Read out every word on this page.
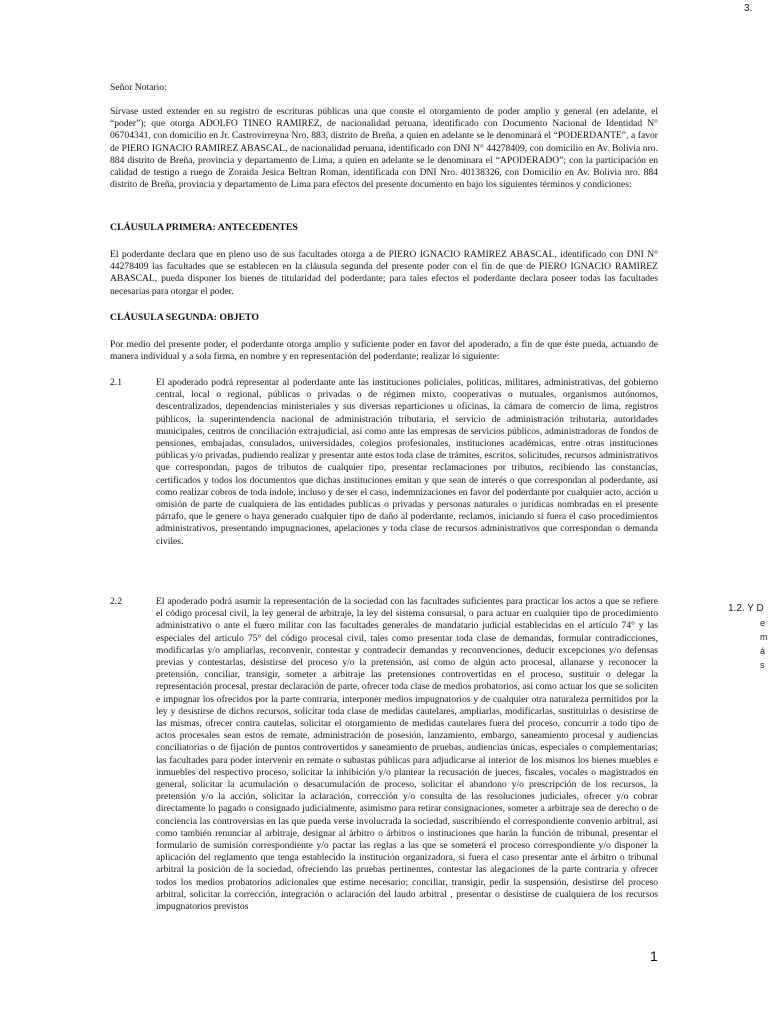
Señor Notario:
Sírvase usted extender en su registro de escrituras públicas una que conste el otorgamiento de poder amplio y general (en adelante, el “poder”); que otorga ADOLFO TINEO RAMIREZ, de nacionalidad peruana, identificado con Documento Nacional de Identidad N° 06704341, con domicilio en Jr. Castrovirreyna Nro. 883, distrito de Breña, a quien en adelante se le denominará el “PODERDANTE”, a favor de PIERO IGNACIO RAMIREZ ABASCAL, de nacionalidad peruana, identificado con DNI N° 44278409, con domicilio en Av. Bolivia nro. 884 distrito de Breña, provincia y departamento de Lima, a quien en adelante se le denominara el “APODERADO”; con la participación en calidad de testigo a ruego de Zoraida Jesica Beltran Roman, identificada con DNI Nro. 40138326, con Domicilio en Av. Bolivia nro. 884 distrito de Breña, provincia y departamento de Lima para efectos del presente documento en bajo los siguientes términos y condiciones:
CLÁUSULA PRIMERA: ANTECEDENTES
El poderdante declara que en pleno uso de sus facultades otorga a de PIERO IGNACIO RAMIREZ ABASCAL, identificado con DNI N° 44278409 las facultades que se establecen en la cláusula segunda del presente poder con el fin de que de PIERO IGNACIO RAMIREZ ABASCAL, pueda disponer los bienes de titularidad del poderdante; para tales efectos el poderdante declara poseer todas las facultades necesarias para otorgar el poder.
CLÁUSULA SEGUNDA: OBJETO
Por medio del presente poder, el poderdante otorga amplio y suficiente poder en favor del apoderado, a fin de que éste pueda, actuando de manera individual y a sola firma, en nombre y en representación del poderdante; realizar lo siguiente:
2.1	El apoderado podrá representar al poderdante ante las instituciones policiales, políticas, militares, administrativas, del gobierno central, local o regional, públicas o privadas o de régimen mixto, cooperativas o mutuales, organismos autónomos, descentralizados, dependencias ministeriales y sus diversas reparticiones u oficinas, la cámara de comercio de lima, registros públicos, la superintendencia nacional de administración tributaria, el servicio de administración tributaria, autoridades municipales, centros de conciliación extrajudicial, así como ante las empresas de servicios públicos, administradoras de fondos de pensiones, embajadas, consulados, universidades, colegios profesionales, instituciones académicas, entre otras instituciones públicas y/o privadas, pudiendo realizar y presentar ante estos toda clase de trámites, escritos, solicitudes, recursos administrativos que correspondan, pagos de tributos de cualquier tipo, presentar reclamaciones por tributos, recibiendo las constancias, certificados y todos los documentos que dichas instituciones emitan y que sean de interés o que correspondan al poderdante, así como realizar cobros de toda índole, incluso y de ser el caso, indemnizaciones en favor del poderdante por cualquier acto, acción u omisión de parte de cualquiera de las entidades publicas o privadas y personas naturales o jurídicas nombradas en el presente párrafo, que le genere o haya generado cualquier tipo de daño al poderdante, reclamos, iniciando si fuera el caso procedimientos administrativos, presentando impugnaciones, apelaciones y toda clase de recursos administrativos que correspondan o demanda civiles.
2.2	El apoderado podrá asumir la representación de la sociedad con las facultades suficientes para practicar los actos a que se refiere el código procesal civil, la ley general de arbitraje, la ley del sistema consursal, o para actuar en cualquier tipo de procedimiento administrativo o ante el fuero militar con las facultades generales de mandatario judicial establecidas en el artículo 74° y las especiales del artículo 75° del código procesal civil, tales como presentar toda clase de demandas, formular contradicciones, modificarlas y/o ampliarlas, reconvenir, contestar y contradecir demandas y reconvenciones, deducir excepciones y/o defensas previas y contestarlas, desistirse del proceso y/o la pretensión, así como de algún acto procesal, allanarse y reconocer la pretensión, conciliar, transigir, someter a arbitraje las pretensiones controvertidas en el proceso, sustituir o delegar la representación procesal, prestar declaración de parte, ofrecer toda clase de medios probatorios, así como actuar los que se soliciten e impugnar los ofrecidos por la parte contraria, interponer medios impugnatorios y de cualquier otra naturaleza permitidos por la ley y desistirse de dichos recursos, solicitar toda clase de medidas cautelares, ampliarlas, modificarlas, sustituirlas o desistirse de las mismas, ofrecer contra cautelas, solicitar el otorgamiento de medidas cautelares fuera del proceso, concurrir a todo tipo de actos procesales sean estos de remate, administración de posesión, lanzamiento, embargo, saneamiento procesal y audiencias conciliatorias o de fijación de puntos controvertidos y saneamiento de pruebas, audiencias únicas, especiales o complementarias; las facultades para poder intervenir en remate o subastas públicas para adjudicarse al interior de los mismos los bienes muebles e inmuebles del respectivo proceso, solicitar la inhibición y/o plantear la recusación de jueces, fiscales, vocales o magistrados en general, solicitar la acumulación o desacumulación de proceso, solicitar el abandono y/o prescripción de los recursos, la pretensión y/o la acción, solicitar la aclaración, corrección y/o consulta de las resoluciones judiciales, ofrecer y/o cobrar directamente lo pagado o consignado judicialmente, asimismo para retirar consignaciones, someter a arbitraje sea de derecho o de conciencia las controversias en las que pueda verse involucrada la sociedad, suscribiendo el correspondiente convenio arbitral, así como también renunciar al arbitraje, designar al árbitro o árbitros o instituciones que harán la función de tribunal, presentar el formulario de sumisión correspondiente y/o pactar las reglas a las que se someterá el proceso correspondiente y/o disponer la aplicación del reglamento que tenga establecido la institución organizadora, si fuera el caso presentar ante el árbitro o tribunal arbitral la posición de la sociedad, ofreciendo las pruebas pertinentes, contestar las alegaciones de la parte contraria y ofrecer todos los medios probatorios adicionales que estime necesario; conciliar, transigir, pedir la suspensión, desistirse del proceso arbitral, solicitar la corrección, integración o aclaración del laudo arbitral , presentar o desistirse de cualquiera de los recursos impugnatorios previstos
1
3.
1.2. Y D
e
m
á
s
